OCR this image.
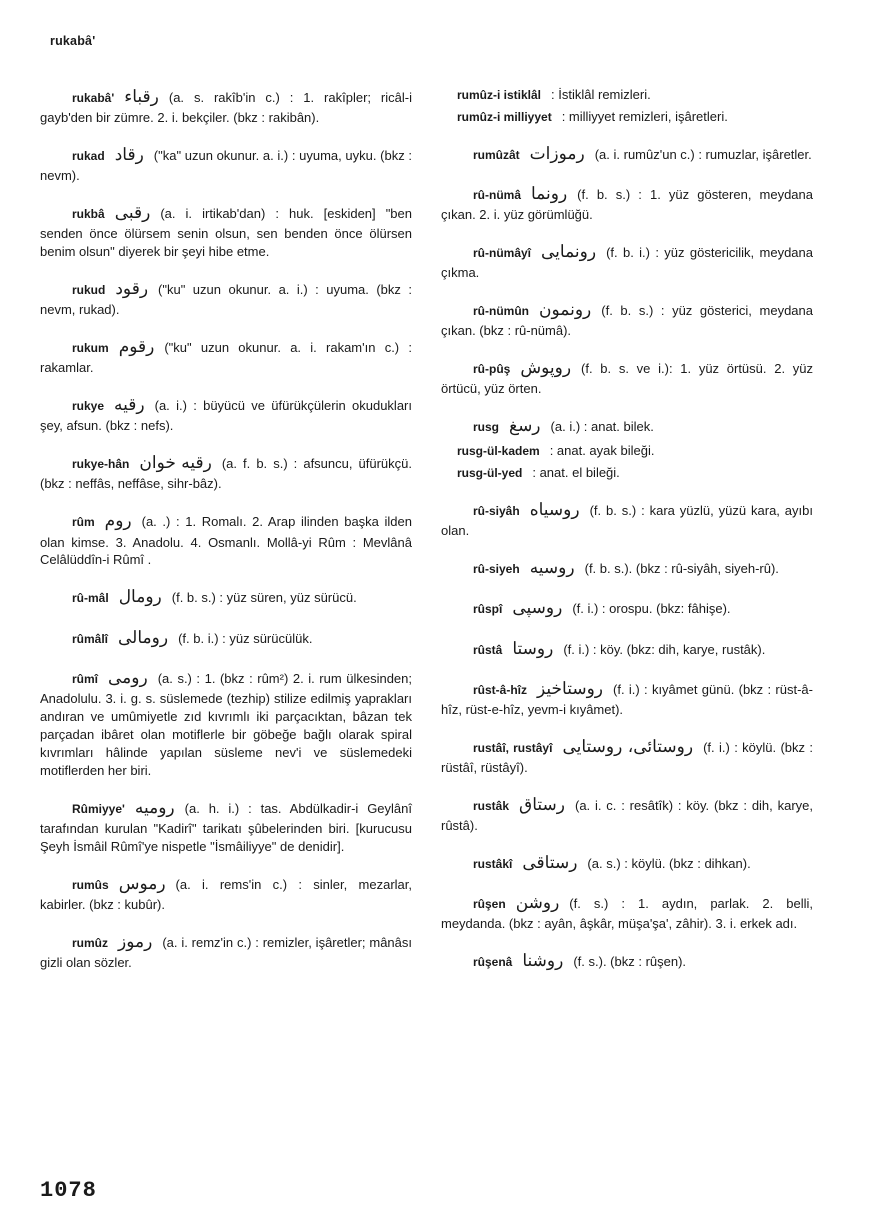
rukabâ'

rukabâ' رقباء (a. s. rakîb'in c.) : 1. rakîpler; ricâl-i gayb'den bir zümre. 2. i. bekçiler. (bkz : rakibân).

rukad رقاد ("ka" uzun okunur. a. i.) : uyuma, uyku. (bkz : nevm).

rukbâ رقبى (a. i. irtikab'dan) : huk. [eskiden] "ben senden önce ölürsem senin olsun, sen benden önce ölürsen benim olsun" diyerek bir şeyi hibe etme.

rukud رقود ("ku" uzun okunur. a. i.) : uyuma. (bkz : nevm, rukad).

rukum رقوم ("ku" uzun okunur. a. i. rakam'ın c.) : rakamlar.

rukye رقيه (a. i.) : büyücü ve üfürükçülerin okudukları şey, afsun. (bkz : nefs).

rukye-hân رقيه خوان (a. f. b. s.) : afsuncu, üfürükçü. (bkz : neffâs, neffâse, sihr-bâz).

rûm روم (a. .) : 1. Romalı. 2. Arap ilinden başka ilden olan kimse. 3. Anadolu. 4. Osmanlı. Mollâ-yi Rûm : Mevlânâ Celâlüddîn-i Rûmî .

rû-mâl رومال (f. b. s.) : yüz süren, yüz sürücü.

rûmâlî رومالى (f. b. i.) : yüz sürücülük.

rûmî رومى (a. s.) : 1. (bkz : rûm²) 2. i. rum ülkesinden; Anadolulu. 3. i. g. s. süslemede (tezhip) stilize edilmiş yaprakları andıran ve umûmiyetle zıd kıvrımlı iki parçacıktan, bâzan tek parçadan ibâret olan motiflerle bir göbeğe bağlı olarak spiral kıvrımları hâlinde yapılan süsleme nev'i ve süslemedeki motiflerden her biri.

Rûmiyye' روميه (a. h. i.) : tas. Abdülkadir-i Geylânî tarafından kurulan "Kadirî" tarikatı şûbelerinden biri. [kurucusu Şeyh İsmâil Rûmî'ye nispetle "İsmâiliyye" de denidir].

rumûs رموس (a. i. rems'in c.) : sinler, mezarlar, kabirler. (bkz : kubûr).

rumûz رموز (a. i. remz'in c.) : remizler, işâretler; mânâsı gizli olan sözler.

rumûz-i istiklâl : İstiklâl remizleri.

rumûz-i milliyyet : milliyyet remizleri, işâretleri.

rumûzât رموزات (a. i. rumûz'un c.) : rumuzlar, işâretler.

rû-nümâ رونما (f. b. s.) : 1. yüz gösteren, meydana çıkan. 2. i. yüz görümlüğü.

rû-nümâyî رونمايى (f. b. i.) : yüz göstericilik, meydana çıkma.

rû-nümûn رونمون (f. b. s.) : yüz gösterici, meydana çıkan. (bkz : rû-nümâ).

rû-pûş روپوش (f. b. s. ve i.): 1. yüz örtüsü. 2. yüz örtücü, yüz örten.

rusg رسغ (a. i.) : anat. bilek.

rusg-ül-kadem : anat. ayak bileği.

rusg-ül-yed : anat. el bileği.

rû-siyâh روسياه (f. b. s.) : kara yüzlü, yüzü kara, ayıbı olan.

rû-siyeh روسيه (f. b. s.). (bkz : rû-siyâh, siyeh-rû).

rûspî روسپى (f. i.) : orospu. (bkz: fâhişe).

rûstâ روستا (f. i.) : köy. (bkz: dih, karye, rustâk).

rûst-â-hîz روستاخيز (f. i.) : kıyâmet günü. (bkz : rüst-â-hîz, rüst-e-hîz, yevm-i kıyâmet).

rustâî, rustâyî روستائى، روستايى (f. i.) : köylü. (bkz : rüstâî, rüstâyî).

rustâk رستاق (a. i. c. : resâtîk) : köy. (bkz : dih, karye, rûstâ).

rustâkî رستاقى (a. s.) : köylü. (bkz : dihkan).

rûşen روشن (f. s.) : 1. aydın, parlak. 2. belli, meydanda. (bkz : ayân, âşkâr, müşa'şa', zâhir). 3. i. erkek adı.

rûşenâ روشنا (f. s.). (bkz : rûşen).

1078
